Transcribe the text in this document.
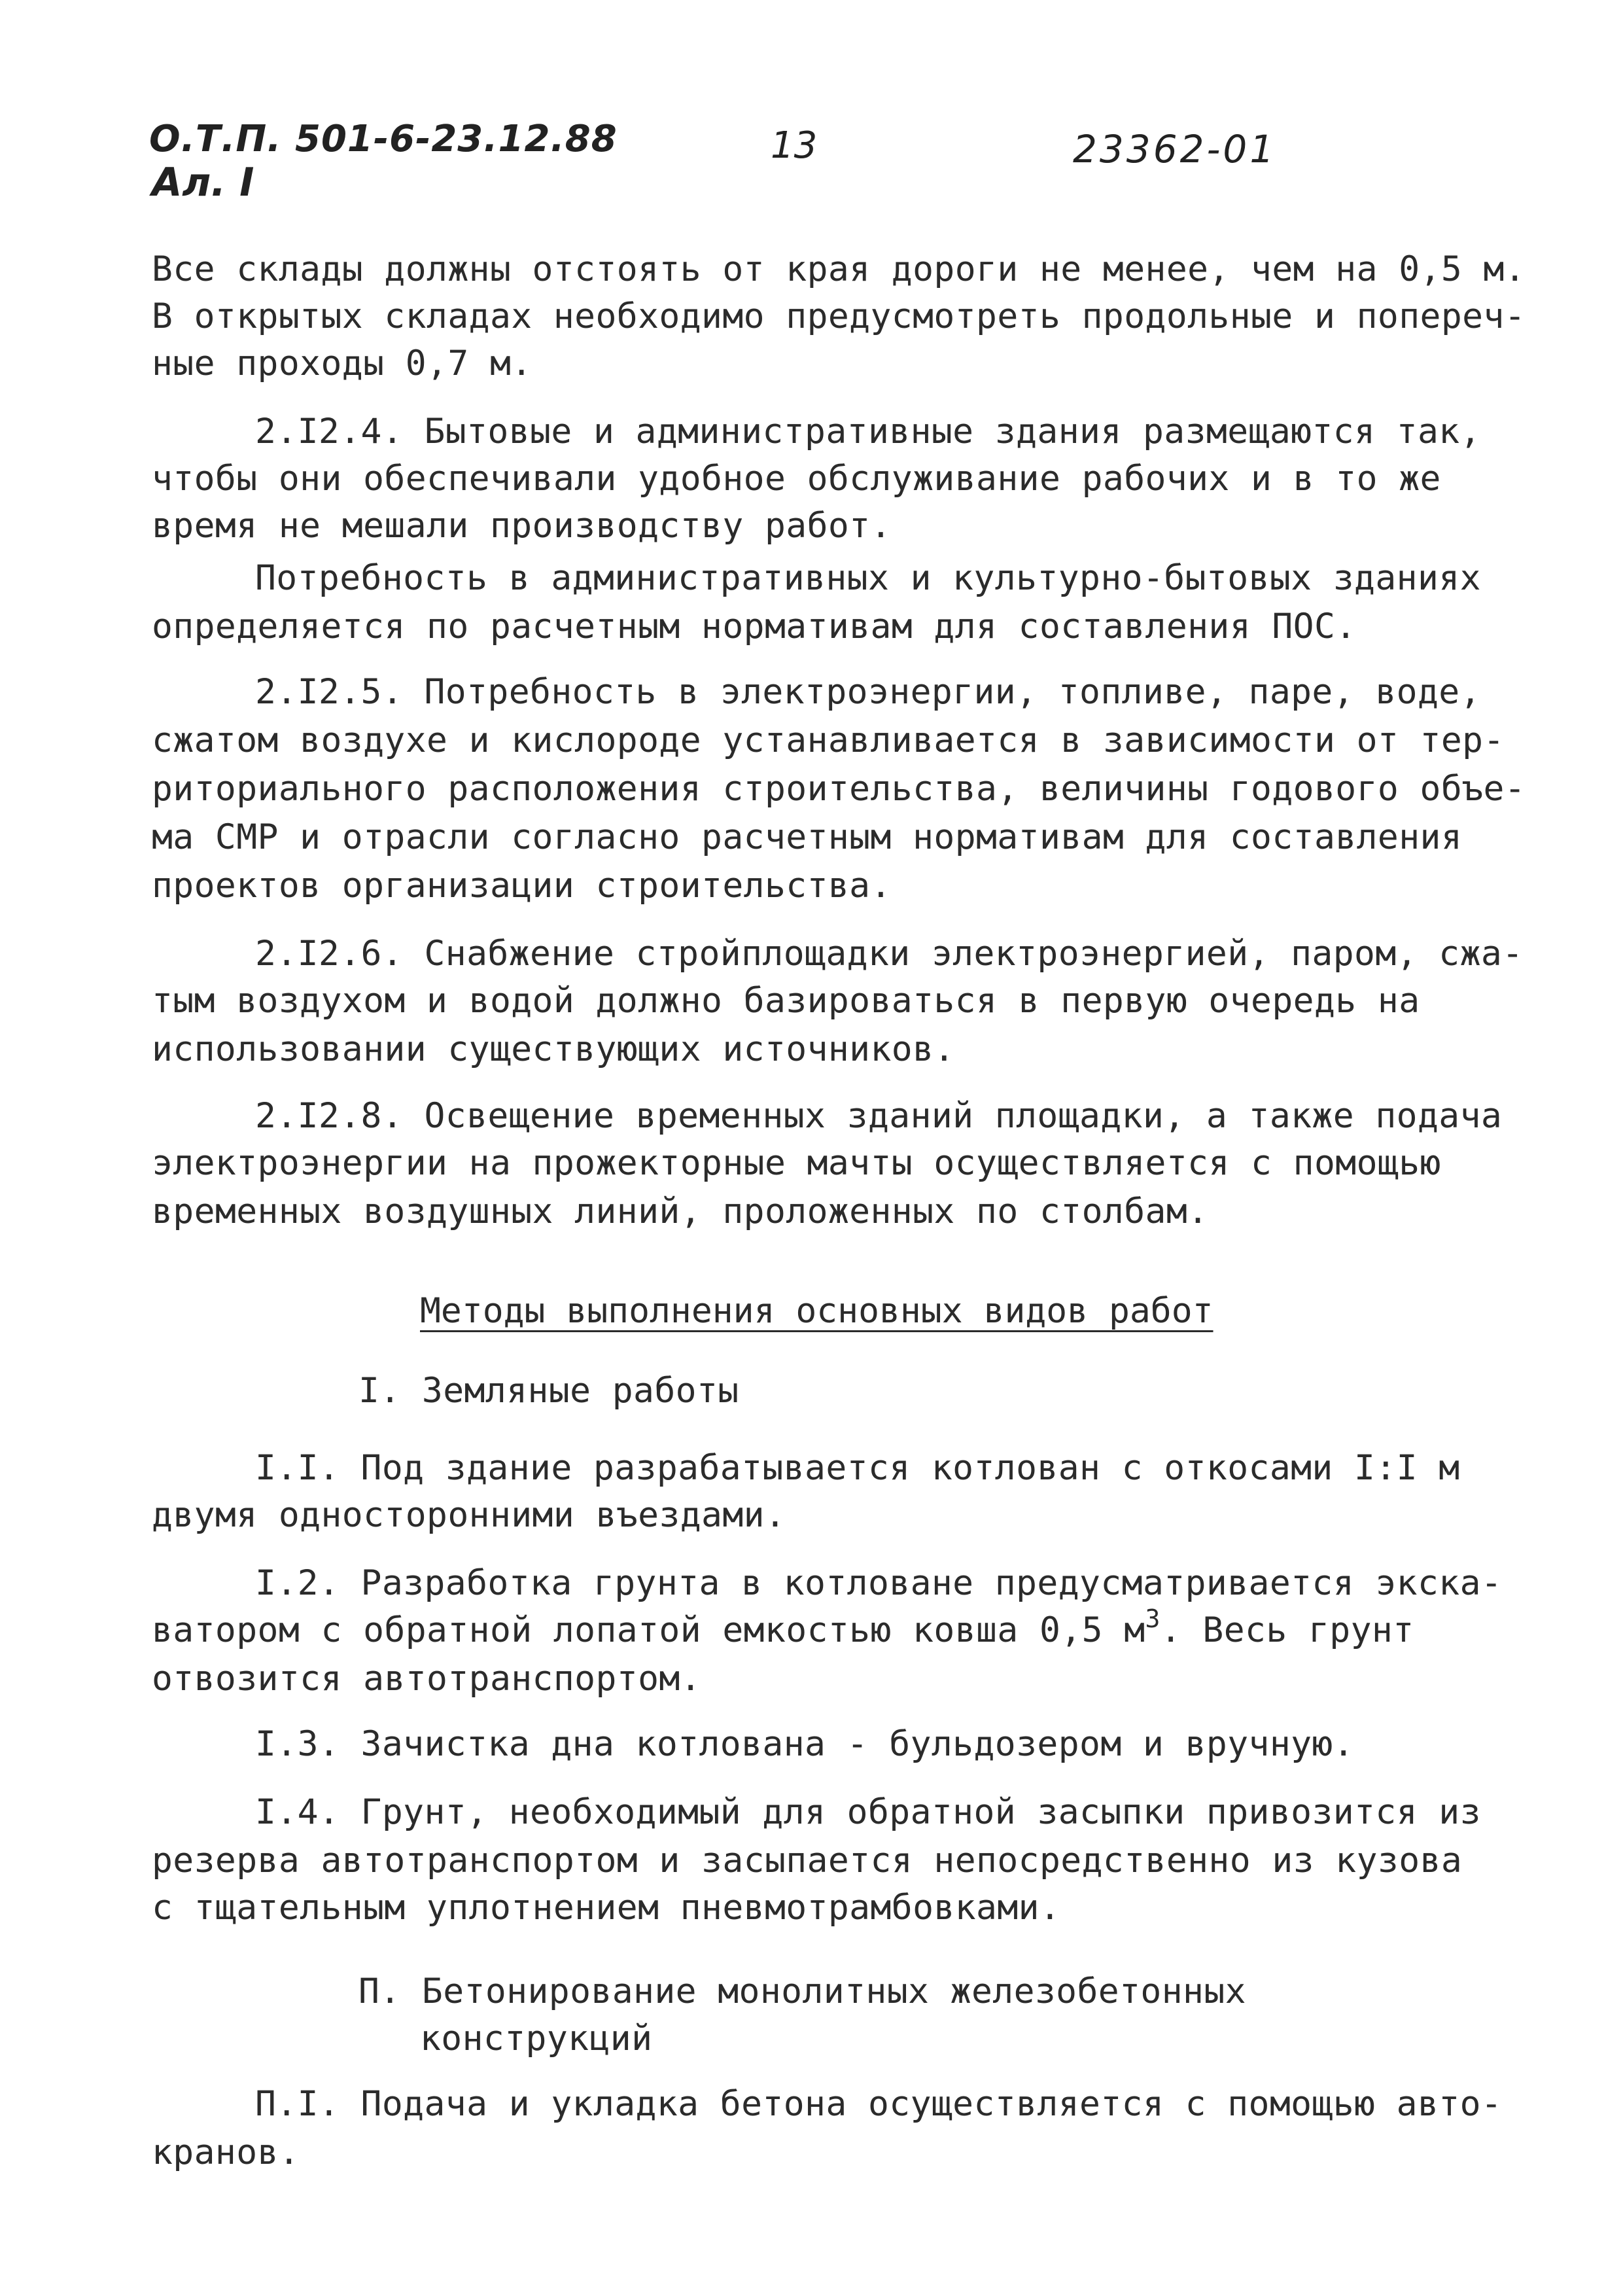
О.Т.П. 501-6-23.12.88
Ал. I
13	23362-01
Все склады должны отстоять от края дороги не менее, чем на 0,5 м.
В открытых складах необходимо предусмотреть продольные и попереч-
ные проходы 0,7 м.
2.I2.4. Бытовые и административные здания размещаются так,
чтобы они обеспечивали удобное обслуживание рабочих и в то же
время не мешали производству работ.
Потребность в административных и культурно-бытовых зданиях
определяется по расчетным нормативам для составления ПОС.
2.I2.5. Потребность в электроэнергии, топливе, паре, воде,
сжатом воздухе и кислороде устанавливается в зависимости от тер-
риториального расположения строительства, величины годового объе-
ма СМР и отрасли согласно расчетным нормативам для составления
проектов организации строительства.
2.I2.6. Снабжение стройплощадки электроэнергией, паром, сжа-
тым воздухом и водой должно базироваться в первую очередь на
использовании существующих источников.
2.I2.8. Освещение временных зданий площадки, а также подача
электроэнергии на прожекторные мачты осуществляется с помощью
временных воздушных линий, проложенных по столбам.
Методы выполнения основных видов работ
I. Земляные работы
I.I. Под здание разрабатывается котлован с откосами I:I м
двумя односторонними въездами.
I.2. Разработка грунта в котловане предусматривается экска-
ватором с обратной лопатой емкостью ковша 0,5 $м^3$. Весь грунт
отвозится автотранспортом.
I.3. Зачистка дна котлована - бульдозером и вручную.
I.4. Грунт, необходимый для обратной засыпки привозится из
резерва автотранспортом и засыпается непосредственно из кузова
с тщательным уплотнением пневмотрамбовками.
П. Бетонирование монолитных железобетонных
конструкций
П.I. Подача и укладка бетона осуществляется с помощью авто-
кранов.
